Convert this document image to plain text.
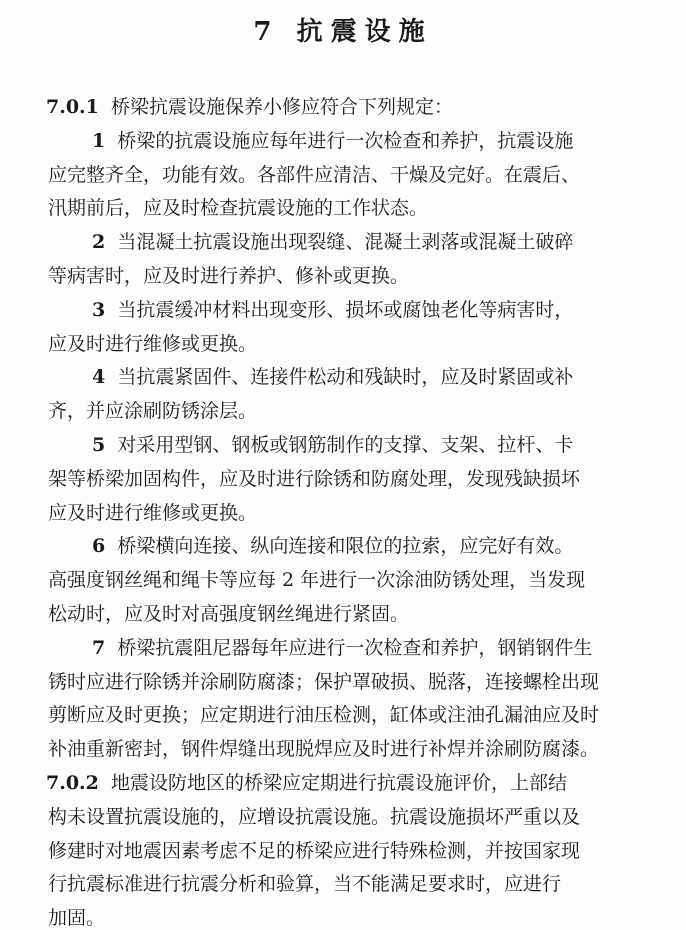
7 抗震设施
7.0.1 桥梁抗震设施保养小修应符合下列规定：
1 桥梁的抗震设施应每年进行一次检查和养护，抗震设施
应完整齐全，功能有效。各部件应清洁、干燥及完好。在震后、
汛期前后，应及时检查抗震设施的工作状态。
2 当混凝土抗震设施出现裂缝、混凝土剥落或混凝土破碎
等病害时，应及时进行养护、修补或更换。
3 当抗震缓冲材料出现变形、损坏或腐蚀老化等病害时，
应及时进行维修或更换。
4 当抗震紧固件、连接件松动和残缺时，应及时紧固或补
齐，并应涂刷防锈涂层。
5 对采用型钢、钢板或钢筋制作的支撑、支架、拉杆、卡
架等桥梁加固构件，应及时进行除锈和防腐处理，发现残缺损坏
应及时进行维修或更换。
6 桥梁横向连接、纵向连接和限位的拉索，应完好有效。
高强度钢丝绳和绳卡等应每 2 年进行一次涂油防锈处理，当发现
松动时，应及时对高强度钢丝绳进行紧固。
7 桥梁抗震阻尼器每年应进行一次检查和养护，钢销钢件生
锈时应进行除锈并涂刷防腐漆；保护罩破损、脱落，连接螺栓出现
剪断应及时更换；应定期进行油压检测，缸体或注油孔漏油应及时
补油重新密封，钢件焊缝出现脱焊应及时进行补焊并涂刷防腐漆。
7.0.2 地震设防地区的桥梁应定期进行抗震设施评价，上部结
构未设置抗震设施的，应增设抗震设施。抗震设施损坏严重以及
修建时对地震因素考虑不足的桥梁应进行特殊检测，并按国家现
行抗震标准进行抗震分析和验算，当不能满足要求时，应进行
加固。
